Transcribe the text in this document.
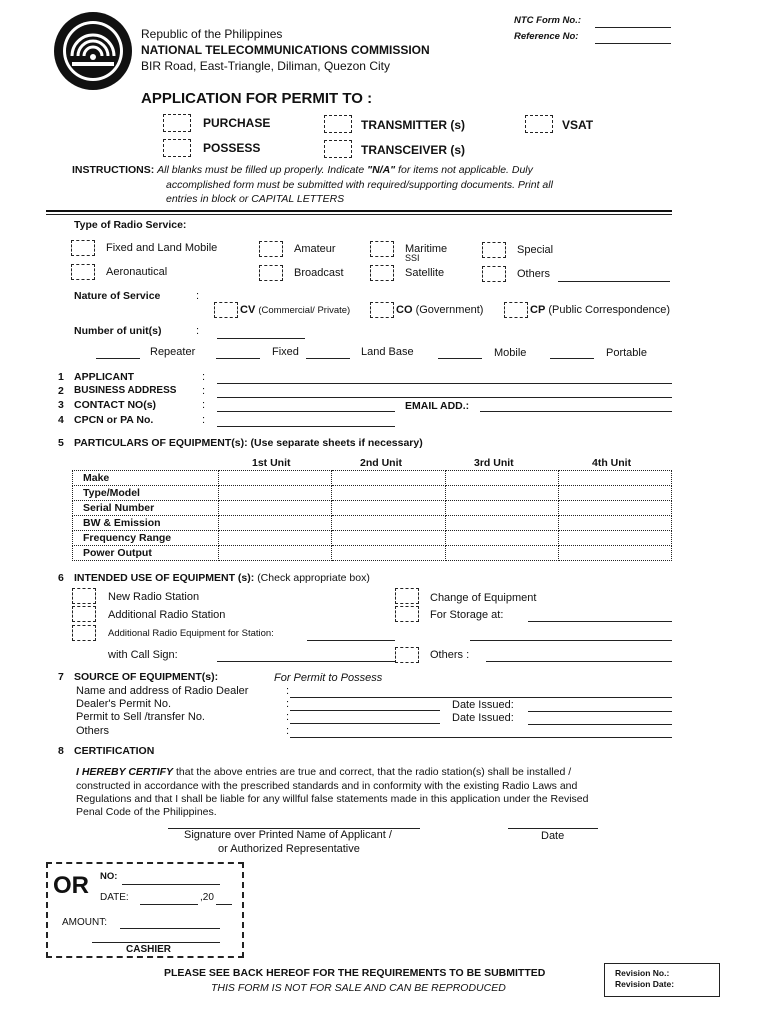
Republic of the Philippines
NATIONAL TELECOMMUNICATIONS COMMISSION
BIR Road, East-Triangle, Diliman, Quezon City
NTC Form No.:
Reference No:
APPLICATION FOR PERMIT TO :
PURCHASE
POSSESS
TRANSMITTER (s)
TRANSCEIVER (s)
VSAT
INSTRUCTIONS: All blanks must be filled up properly. Indicate "N/A" for items not applicable. Duly
accomplished form must be submitted with required/supporting documents. Print all
entries in block or CAPITAL LETTERS
Type of Radio Service:
Fixed and Land Mobile
Aeronautical
Amateur
Broadcast
Maritime
SSI
Satellite
Special
Others
Nature of Service	:
CV (Commercial/ Private)	CO (Government)	CP (Public Correspondence)
Number of unit(s)	:
Repeater	Fixed	Land Base	Mobile	Portable
1 APPLICANT	:
2 BUSINESS ADDRESS :
3 CONTACT NO(s)	:	EMAIL ADD.:
4 CPCN or PA No.	:
5 PARTICULARS OF EQUIPMENT(s): (Use separate sheets if necessary)
1st Unit	2nd Unit	3rd Unit	4th Unit
Make				
Type/Model				
Serial Number				
BW & Emission				
Frequency Range				
Power Output				
6 INTENDED USE OF EQUIPMENT (s): (Check appropriate box)
New Radio Station
Additional Radio Station
Additional Radio Equipment for Station:
with Call Sign:
Change of Equipment
For Storage at:
Others :
7 SOURCE OF EQUIPMENT(s):	For Permit to Possess
Name and address of Radio Dealer	:
Dealer's Permit No.	:	Date Issued:
Permit to Sell /transfer No.	:	Date Issued:
Others	:
8 CERTIFICATION
I HEREBY CERTIFY that the above entries are true and correct, that the radio station(s) shall be installed /
constructed in accordance with the prescribed standards and in conformity with the existing Radio Laws and
Regulations and that I shall be liable for any willful false statements made in this application under the Revised
Penal Code of the Philippines.
Signature over Printed Name of Applicant /
or Authorized Representative
Date
OR NO:
DATE:	,20
AMOUNT:
CASHIER
PLEASE SEE BACK HEREOF FOR THE REQUIREMENTS TO BE SUBMITTED
THIS FORM IS NOT FOR SALE AND CAN BE REPRODUCED
Revision No.:
Revision Date:
